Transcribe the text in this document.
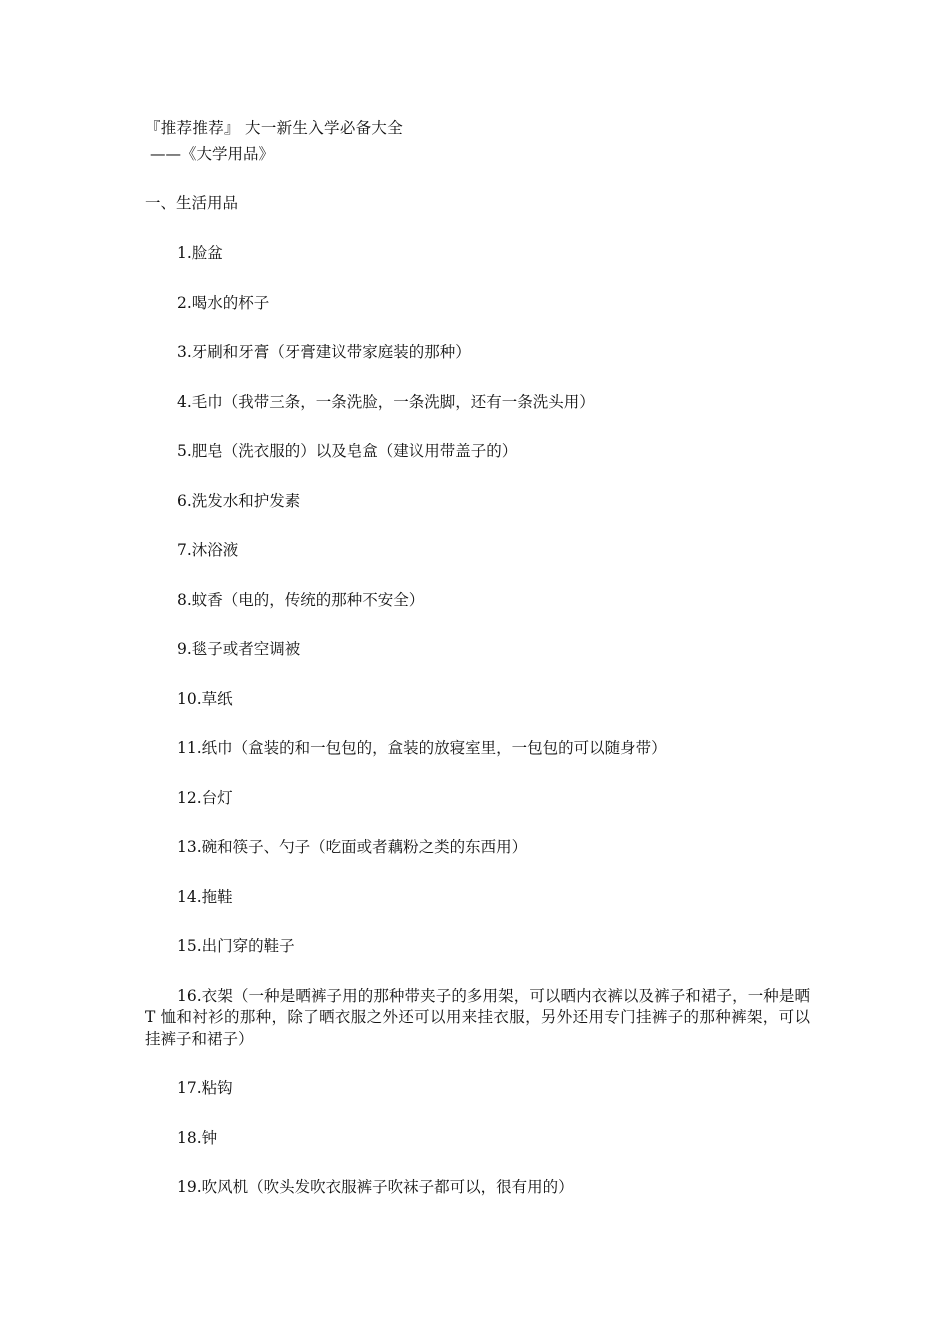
『推荐推荐』 大一新生入学必备大全
——《大学用品》
一、生活用品
1.脸盆
2.喝水的杯子
3.牙刷和牙膏（牙膏建议带家庭装的那种）
4.毛巾（我带三条，一条洗脸，一条洗脚，还有一条洗头用）
5.肥皂（洗衣服的）以及皂盒（建议用带盖子的）
6.洗发水和护发素
7.沐浴液
8.蚊香（电的，传统的那种不安全）
9.毯子或者空调被
10.草纸
11.纸巾（盒装的和一包包的，盒装的放寝室里，一包包的可以随身带）
12.台灯
13.碗和筷子、勺子（吃面或者藕粉之类的东西用）
14.拖鞋
15.出门穿的鞋子
16.衣架（一种是晒裤子用的那种带夹子的多用架，可以晒内衣裤以及裤子和裙子，一种是晒 T 恤和衬衫的那种，除了晒衣服之外还可以用来挂衣服，另外还用专门挂裤子的那种裤架，可以挂裤子和裙子）
17.粘钩
18.钟
19.吹风机（吹头发吹衣服裤子吹袜子都可以，很有用的）
